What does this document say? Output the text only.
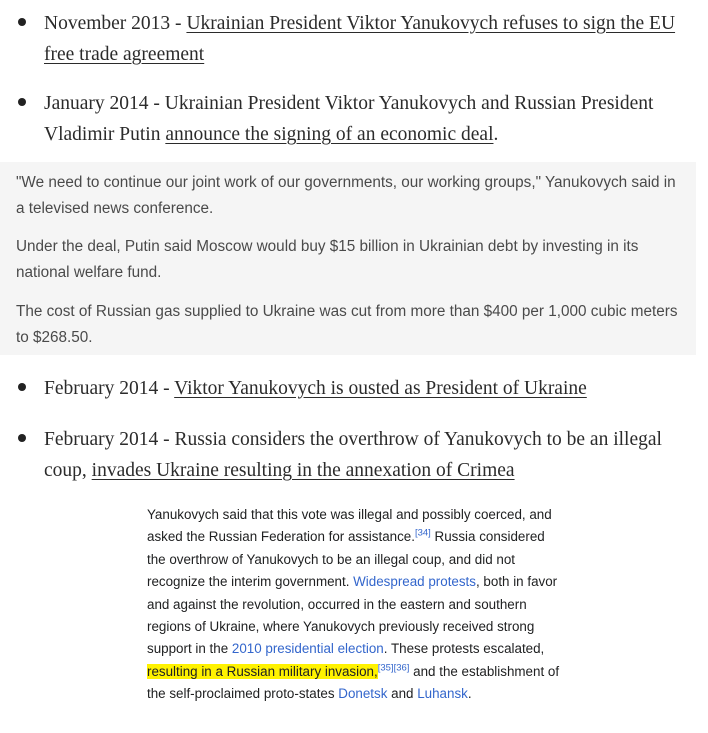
November 2013 - Ukrainian President Viktor Yanukovych refuses to sign the EU free trade agreement
January 2014 - Ukrainian President Viktor Yanukovych and Russian President Vladimir Putin announce the signing of an economic deal.

"We need to continue our joint work of our governments, our working groups," Yanukovych said in a televised news conference.

Under the deal, Putin said Moscow would buy $15 billion in Ukrainian debt by investing in its national welfare fund.

The cost of Russian gas supplied to Ukraine was cut from more than $400 per 1,000 cubic meters to $268.50.

February 2014 - Viktor Yanukovych is ousted as President of Ukraine
February 2014 - Russia considers the overthrow of Yanukovych to be an illegal coup, invades Ukraine resulting in the annexation of Crimea
Yanukovych said that this vote was illegal and possibly coerced, and asked the Russian Federation for assistance.[34] Russia considered the overthrow of Yanukovych to be an illegal coup, and did not recognize the interim government. Widespread protests, both in favor and against the revolution, occurred in the eastern and southern regions of Ukraine, where Yanukovych previously received strong support in the 2010 presidential election. These protests escalated, resulting in a Russian military invasion,[35][36] and the establishment of the self-proclaimed proto-states Donetsk and Luhansk.
